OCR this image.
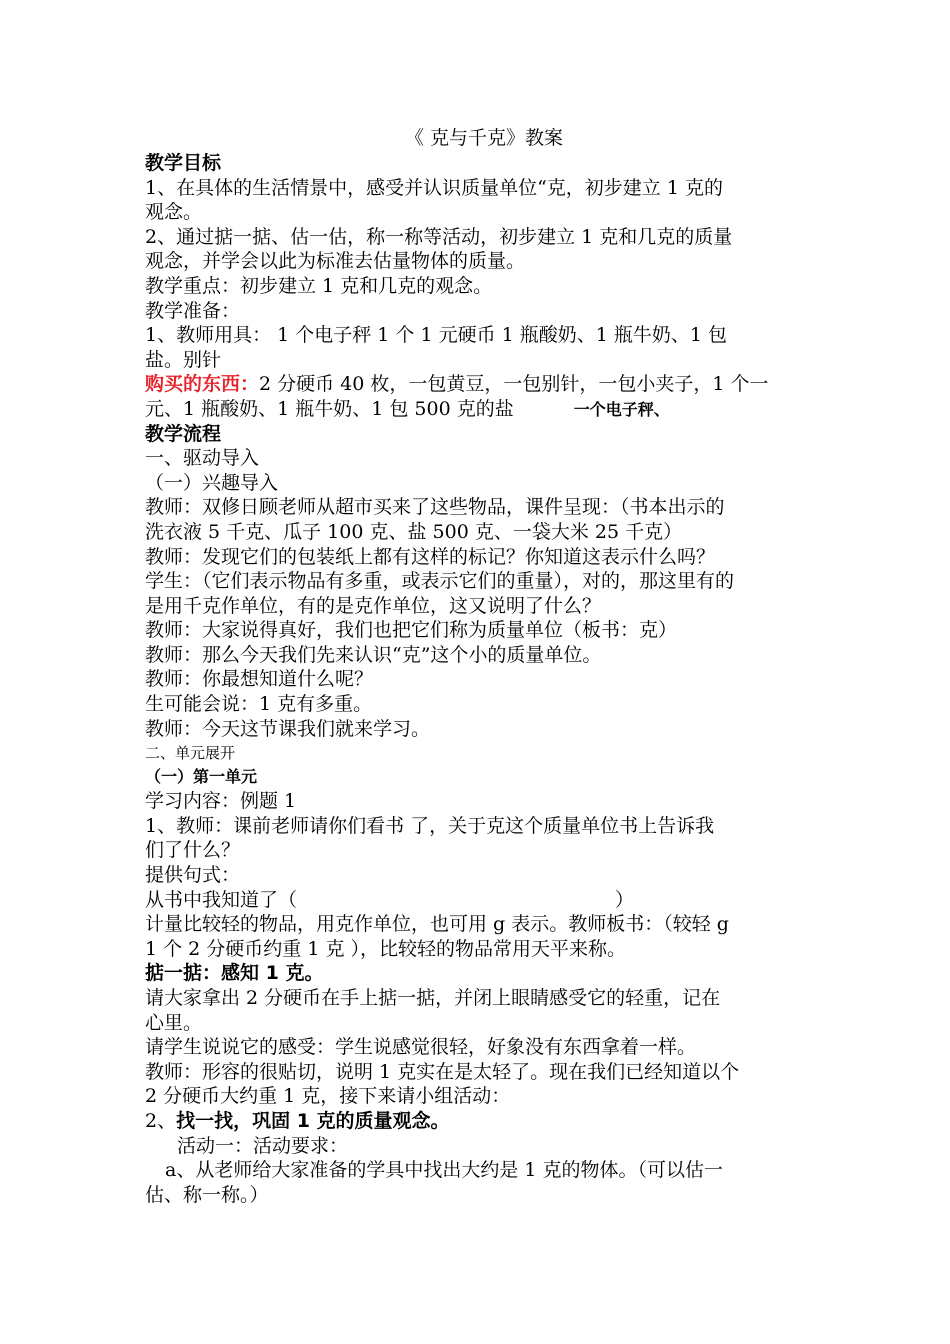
《 克与千克》教案
教学目标
1、在具体的生活情景中，感受并认识质量单位“克，初步建立 1 克的
观念。
2、通过掂一掂、估一估，称一称等活动，初步建立 1 克和几克的质量
观念，并学会以此为标准去估量物体的质量。
教学重点：初步建立 1 克和几克的观念。
教学准备：
1、教师用具： 1 个电子秤 1 个 1 元硬币 1 瓶酸奶、1 瓶牛奶、1 包
盐。别针
购买的东西：2 分硬币 40 枚，一包黄豆，一包别针，一包小夹子，1 个一
元、1 瓶酸奶、1 瓶牛奶、1 包 500 克的盐	一个电子秤、
教学流程
一、驱动导入
（一）兴趣导入
教师：双修日顾老师从超市买来了这些物品，课件呈现：（书本出示的
洗衣液 5 千克、瓜子 100 克、盐 500 克、一袋大米 25 千克）
教师：发现它们的包装纸上都有这样的标记？你知道这表示什么吗？
学生：（它们表示物品有多重，或表示它们的重量），对的，那这里有的
是用千克作单位，有的是克作单位，这又说明了什么？
教师：大家说得真好，我们也把它们称为质量单位（板书：克）
教师：那么今天我们先来认识“克”这个小的质量单位。
教师：你最想知道什么呢？
生可能会说：1 克有多重。
教师：今天这节课我们就来学习。
二、单元展开
（一）第一单元
学习内容：例题 1
1、教师：课前老师请你们看书 了，关于克这个质量单位书上告诉我
们了什么？
提供句式：
从书中我知道了（	）
计量比较轻的物品，用克作单位，也可用 g 表示。教师板书：（较轻 g
1 个 2 分硬币约重 1 克 ），比较轻的物品常用天平来称。
掂一掂：感知 1 克。
请大家拿出 2 分硬币在手上掂一掂，并闭上眼睛感受它的轻重，记在
心里。
请学生说说它的感受：学生说感觉很轻，好象没有东西拿着一样。
教师：形容的很贴切，说明 1 克实在是太轻了。现在我们已经知道以个
2 分硬币大约重 1 克，接下来请小组活动：
2、找一找，巩固 1 克的质量观念。
活动一：活动要求：
a、从老师给大家准备的学具中找出大约是 1 克的物体。（可以估一
估、称一称。）
